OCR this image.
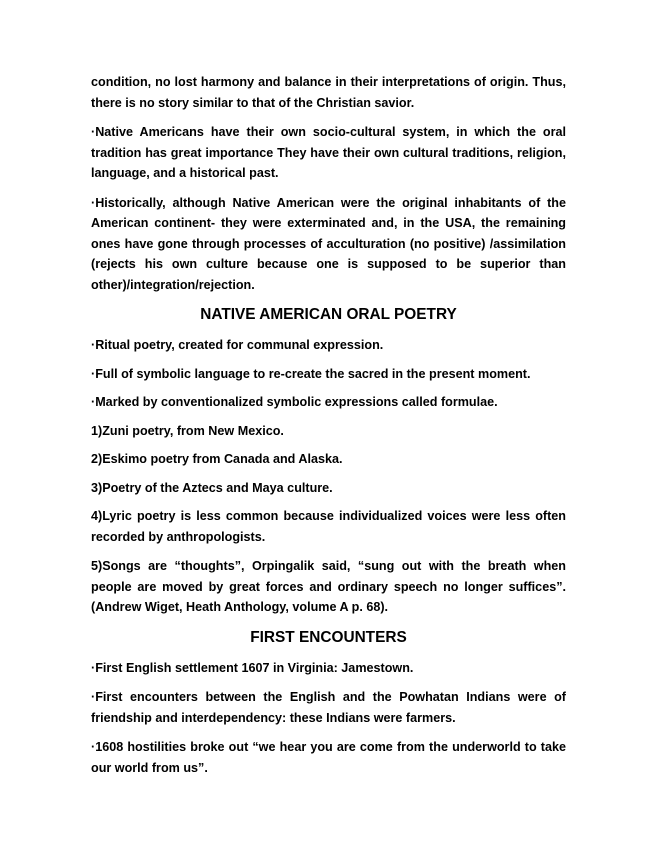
condition, no lost harmony and balance in their interpretations of origin. Thus, there is no story similar to that of the Christian savior.

·Native Americans have their own socio-cultural system, in which the oral tradition has great importance They have their own cultural traditions, religion, language, and a historical past.

·Historically, although Native American were the original inhabitants of the American continent- they were exterminated and, in the USA, the remaining ones have gone through processes of acculturation (no positive) /assimilation (rejects his own culture because one is supposed to be superior than other)/integration/rejection.

NATIVE AMERICAN ORAL POETRY

·Ritual poetry, created for communal expression.

·Full of symbolic language to re-create the sacred in the present moment.

·Marked by conventionalized symbolic expressions called formulae.

1)Zuni poetry, from New Mexico.

2)Eskimo poetry from Canada and Alaska.

3)Poetry of the Aztecs and Maya culture.

4)Lyric poetry is less common because individualized voices were less often recorded by anthropologists.

5)Songs are “thoughts”, Orpingalik said, “sung out with the breath when people are moved by great forces and ordinary speech no longer suffices”. (Andrew Wiget, Heath Anthology, volume A p. 68).

FIRST ENCOUNTERS

·First English settlement 1607 in Virginia: Jamestown.

·First encounters between the English and the Powhatan Indians were of friendship and interdependency: these Indians were farmers.

·1608 hostilities broke out “we hear you are come from the underworld to take our world from us”.
